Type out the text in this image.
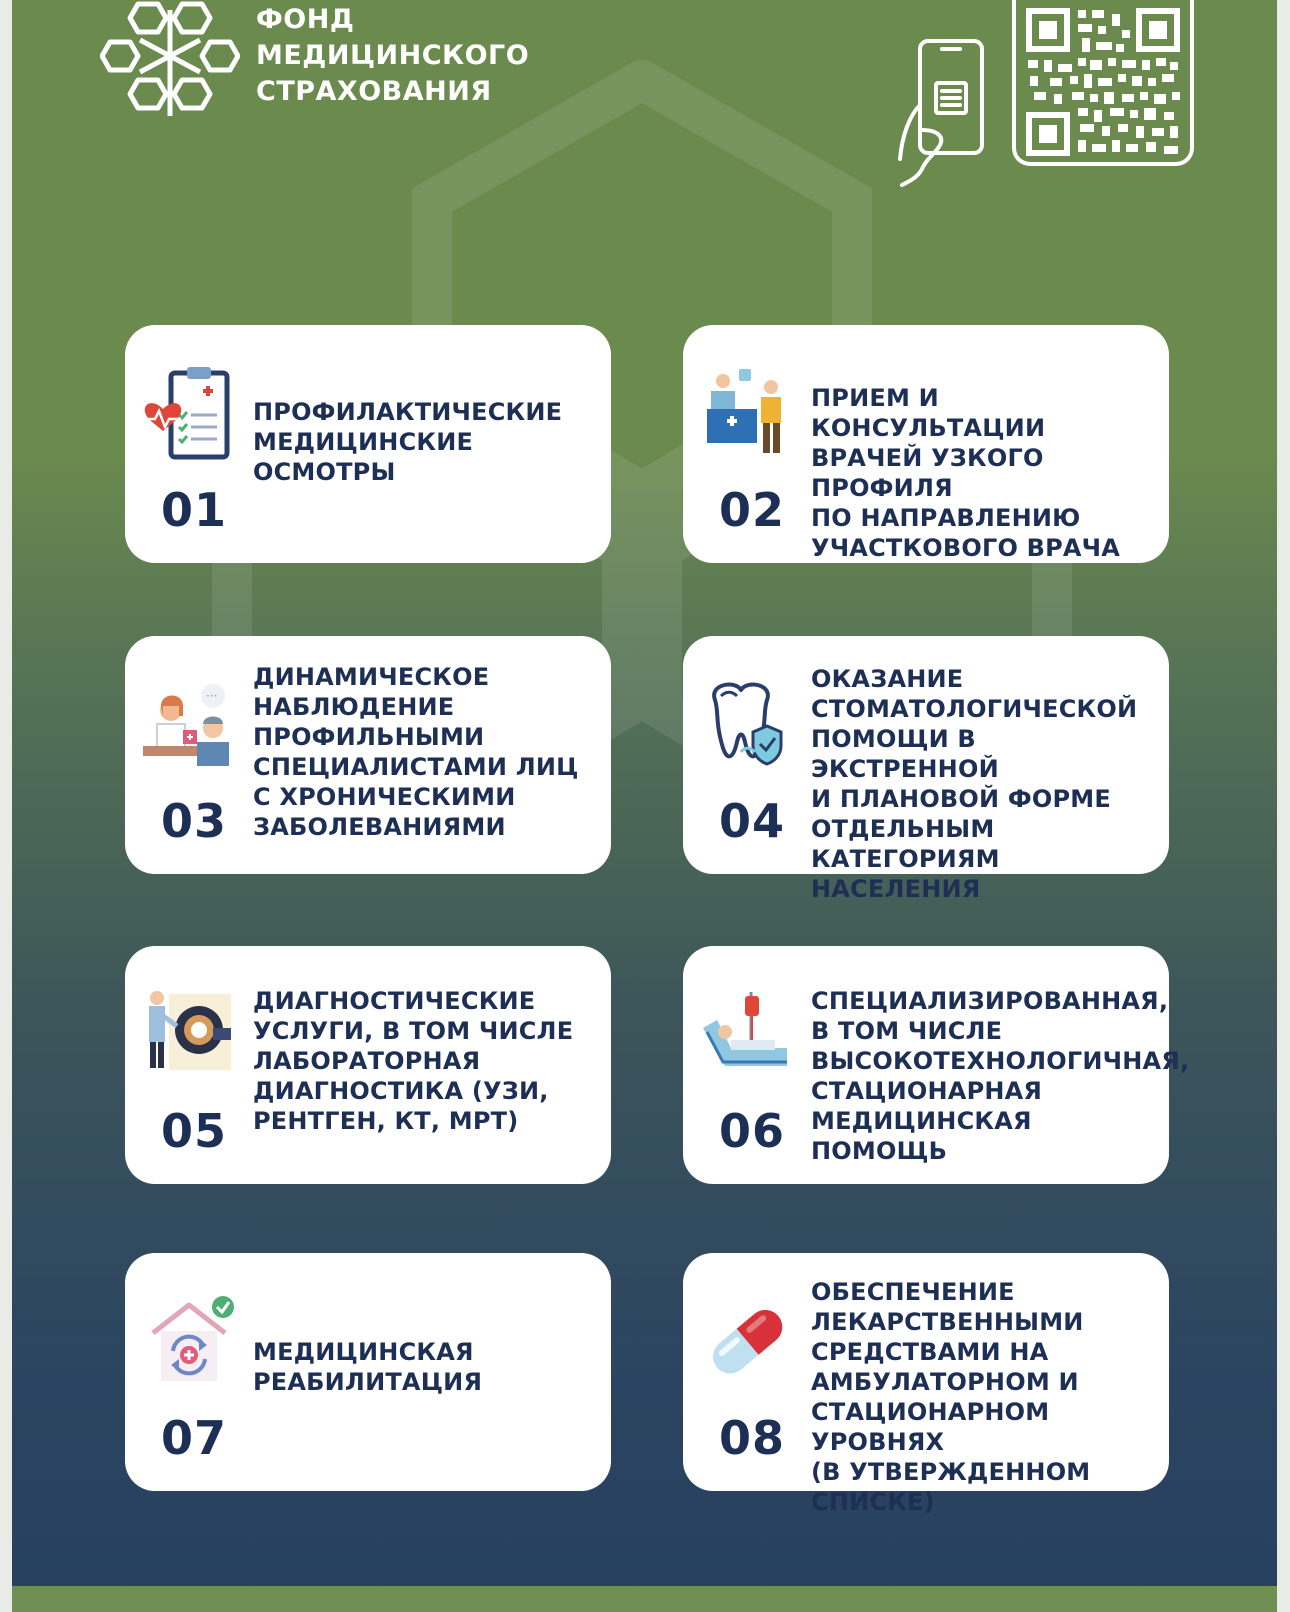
ФОНД
МЕДИЦИНСКОГО
СТРАХОВАНИЯ
ПРОФИЛАКТИЧЕСКИЕ
МЕДИЦИНСКИЕ
ОСМОТРЫ
01
ПРИЕМ И КОНСУЛЬТАЦИИ
ВРАЧЕЙ УЗКОГО ПРОФИЛЯ
ПО НАПРАВЛЕНИЮ
УЧАСТКОВОГО ВРАЧА
02
···
ДИНАМИЧЕСКОЕ
НАБЛЮДЕНИЕ
ПРОФИЛЬНЫМИ
СПЕЦИАЛИСТАМИ ЛИЦ
С ХРОНИЧЕСКИМИ
ЗАБОЛЕВАНИЯМИ
03
ОКАЗАНИЕ
СТОМАТОЛОГИЧЕСКОЙ
ПОМОЩИ В ЭКСТРЕННОЙ
И ПЛАНОВОЙ ФОРМЕ
ОТДЕЛЬНЫМ КАТЕГОРИЯМ
НАСЕЛЕНИЯ
04
ДИАГНОСТИЧЕСКИЕ
УСЛУГИ, В ТОМ ЧИСЛЕ
ЛАБОРАТОРНАЯ
ДИАГНОСТИКА (УЗИ,
РЕНТГЕН, КТ, МРТ)
05
СПЕЦИАЛИЗИРОВАННАЯ,
В ТОМ ЧИСЛЕ
ВЫСОКОТЕХНОЛОГИЧНАЯ,
СТАЦИОНАРНАЯ
МЕДИЦИНСКАЯ ПОМОЩЬ
06
МЕДИЦИНСКАЯ
РЕАБИЛИТАЦИЯ
07
ОБЕСПЕЧЕНИЕ
ЛЕКАРСТВЕННЫМИ
СРЕДСТВАМИ НА
АМБУЛАТОРНОМ И
СТАЦИОНАРНОМ УРОВНЯХ
(В УТВЕРЖДЕННОМ СПИСКЕ)
08
